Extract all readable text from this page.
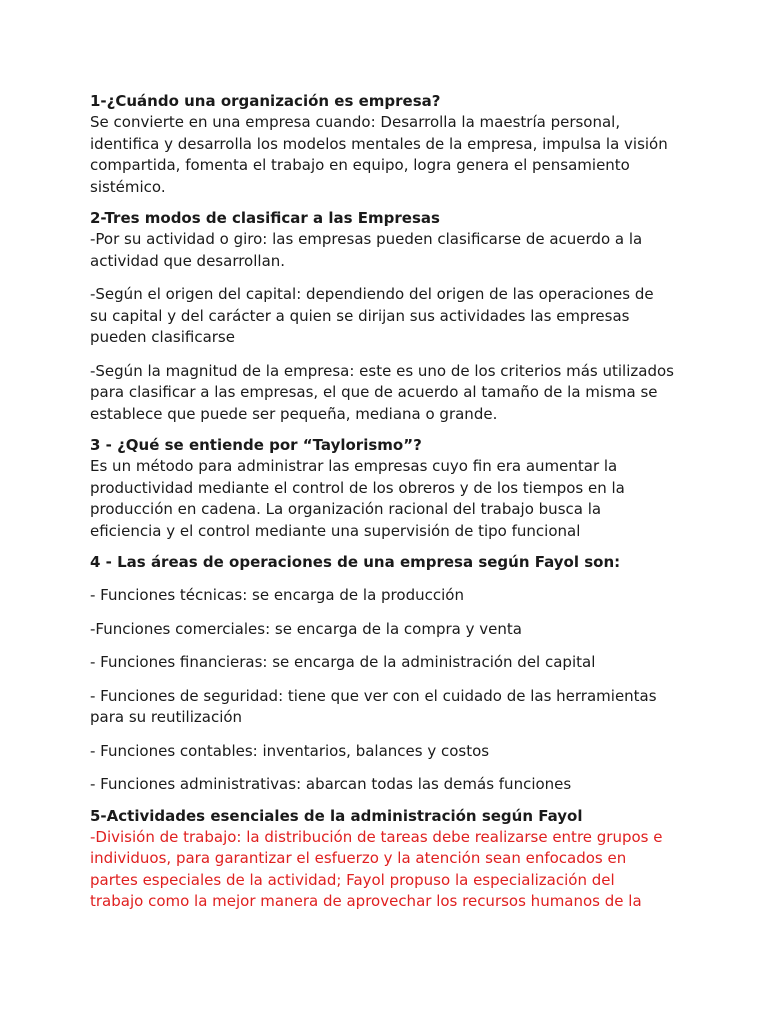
1-¿Cuándo una organización es empresa?
Se convierte en una empresa cuando: Desarrolla la maestría personal,
identifica y desarrolla los modelos mentales de la empresa, impulsa la visión
compartida, fomenta el trabajo en equipo, logra genera el pensamiento
sistémico.
2-Tres modos de clasificar a las Empresas
-Por su actividad o giro: las empresas pueden clasificarse de acuerdo a la
actividad que desarrollan.
-Según el origen del capital: dependiendo del origen de las operaciones de
su capital y del carácter a quien se dirijan sus actividades las empresas
pueden clasificarse
-Según la magnitud de la empresa: este es uno de los criterios más utilizados
para clasificar a las empresas, el que de acuerdo al tamaño de la misma se
establece que puede ser pequeña, mediana o grande.
3 - ¿Qué se entiende por “Taylorismo”?
Es un método para administrar las empresas cuyo fin era aumentar la
productividad mediante el control de los obreros y de los tiempos en la
producción en cadena. La organización racional del trabajo busca la
eficiencia y el control mediante una supervisión de tipo funcional
4 - Las áreas de operaciones de una empresa según Fayol son:
- Funciones técnicas: se encarga de la producción
-Funciones comerciales: se encarga de la compra y venta
- Funciones financieras: se encarga de la administración del capital
- Funciones de seguridad: tiene que ver con el cuidado de las herramientas
para su reutilización
- Funciones contables: inventarios, balances y costos
- Funciones administrativas: abarcan todas las demás funciones
5-Actividades esenciales de la administración según Fayol
-División de trabajo: la distribución de tareas debe realizarse entre grupos e
individuos, para garantizar el esfuerzo y la atención sean enfocados en
partes especiales de la actividad; Fayol propuso la especialización del
trabajo como la mejor manera de aprovechar los recursos humanos de la
